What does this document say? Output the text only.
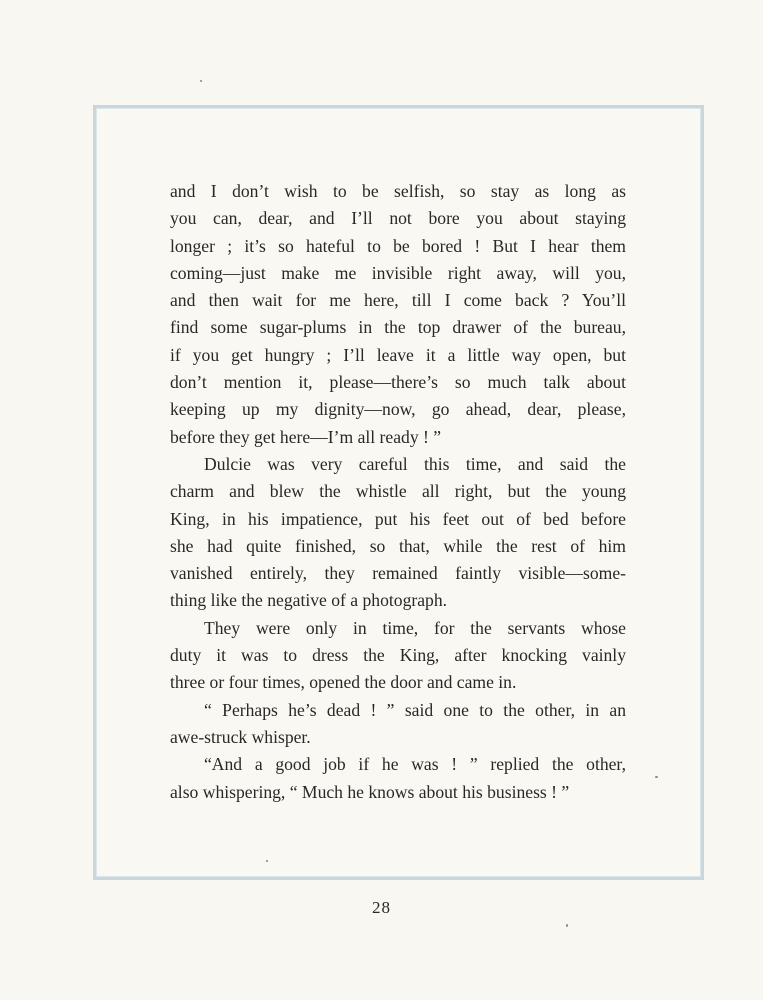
and I don’t wish to be selfish, so stay as long as
you can, dear, and I’ll not bore you about staying
longer ; it’s so hateful to be bored ! But I hear them
coming—just make me invisible right away, will you,
and then wait for me here, till I come back ? You’ll
find some sugar-plums in the top drawer of the bureau,
if you get hungry ; I’ll leave it a little way open, but
don’t mention it, please—there’s so much talk about
keeping up my dignity—now, go ahead, dear, please,
before they get here—I’m all ready ! ”
Dulcie was very careful this time, and said the
charm and blew the whistle all right, but the young
King, in his impatience, put his feet out of bed before
she had quite finished, so that, while the rest of him
vanished entirely, they remained faintly visible—some-
thing like the negative of a photograph.
They were only in time, for the servants whose
duty it was to dress the King, after knocking vainly
three or four times, opened the door and came in.
“ Perhaps he’s dead ! ” said one to the other, in an
awe-struck whisper.
“And a good job if he was ! ” replied the other,
also whispering, “ Much he knows about his business ! ”
28
